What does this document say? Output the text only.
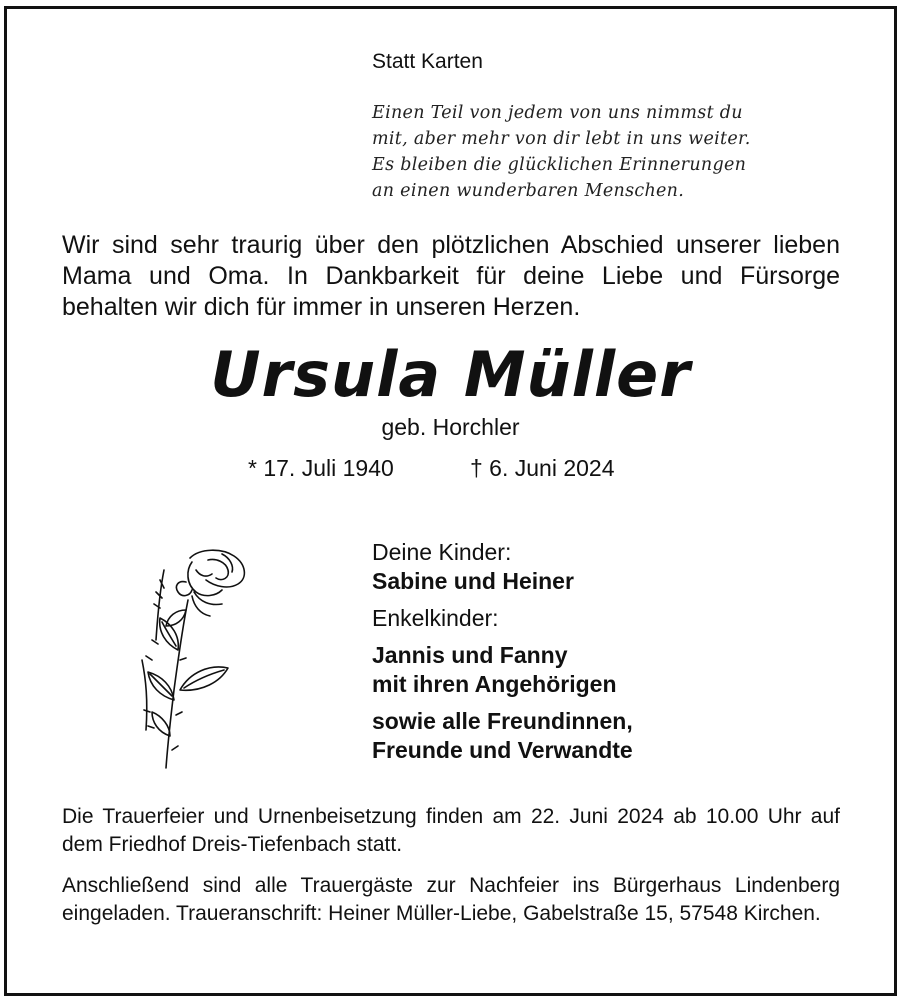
Statt Karten
Einen Teil von jedem von uns nimmst du
mit, aber mehr von dir lebt in uns weiter.
Es bleiben die glücklichen Erinnerungen
an einen wunderbaren Menschen.
Wir sind sehr traurig über den plötzlichen Abschied unserer lieben Mama und Oma. In Dankbarkeit für deine Liebe und Fürsorge behalten wir dich für immer in unseren Herzen.
Ursula Müller
geb. Horchler
* 17. Juli 1940	† 6. Juni 2024
Deine Kinder:
Sabine und Heiner
Enkelkinder:
Jannis und Fanny
mit ihren Angehörigen
sowie alle Freundinnen,
Freunde und Verwandte
Die Trauerfeier und Urnenbeisetzung finden am 22. Juni 2024 ab 10.00 Uhr auf dem Friedhof Dreis-Tiefenbach statt.
Anschließend sind alle Trauergäste zur Nachfeier ins Bürgerhaus Lindenberg eingeladen. Traueranschrift: Heiner Müller-Liebe, Gabelstraße 15, 57548 Kirchen.
